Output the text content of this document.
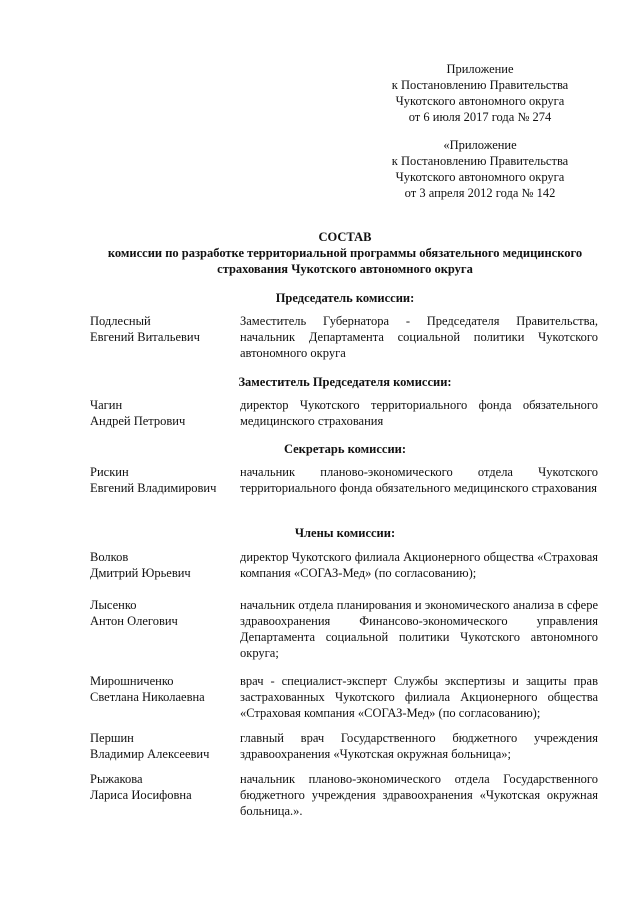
Приложение
к Постановлению Правительства
Чукотского автономного округа
от 6 июля 2017 года № 274
«Приложение
к Постановлению Правительства
Чукотского автономного округа
от 3 апреля 2012 года № 142
СОСТАВ
комиссии по разработке территориальной программы обязательного медицинского
страхования Чукотского автономного округа
Председатель комиссии:
Подлесный
Евгений Витальевич
Заместитель Губернатора - Председателя Правительства, начальник Департамента социальной политики Чукотского автономного округа
Заместитель Председателя комиссии:
Чагин
Андрей Петрович
директор Чукотского территориального фонда обязательного медицинского страхования
Секретарь комиссии:
Рискин
Евгений Владимирович
начальник планово-экономического отдела Чукотского территориального фонда обязательного медицинского страхования
Члены комиссии:
Волков
Дмитрий Юрьевич
директор Чукотского филиала Акционерного общества «Страховая компания «СОГАЗ-Мед» (по согласованию);
Лысенко
Антон Олегович
начальник отдела планирования и экономического анализа в сфере здравоохранения Финансово-экономического управления Департамента социальной политики Чукотского автономного округа;
Мирошниченко
Светлана Николаевна
врач - специалист-эксперт Службы экспертизы и защиты прав застрахованных Чукотского филиала Акционерного общества «Страховая компания «СОГАЗ-Мед» (по согласованию);
Першин
Владимир Алексеевич
главный врач Государственного бюджетного учреждения здравоохранения «Чукотская окружная больница»;
Рыжакова
Лариса Иосифовна
начальник планово-экономического отдела Государственного бюджетного учреждения здравоохранения «Чукотская окружная больница.».
